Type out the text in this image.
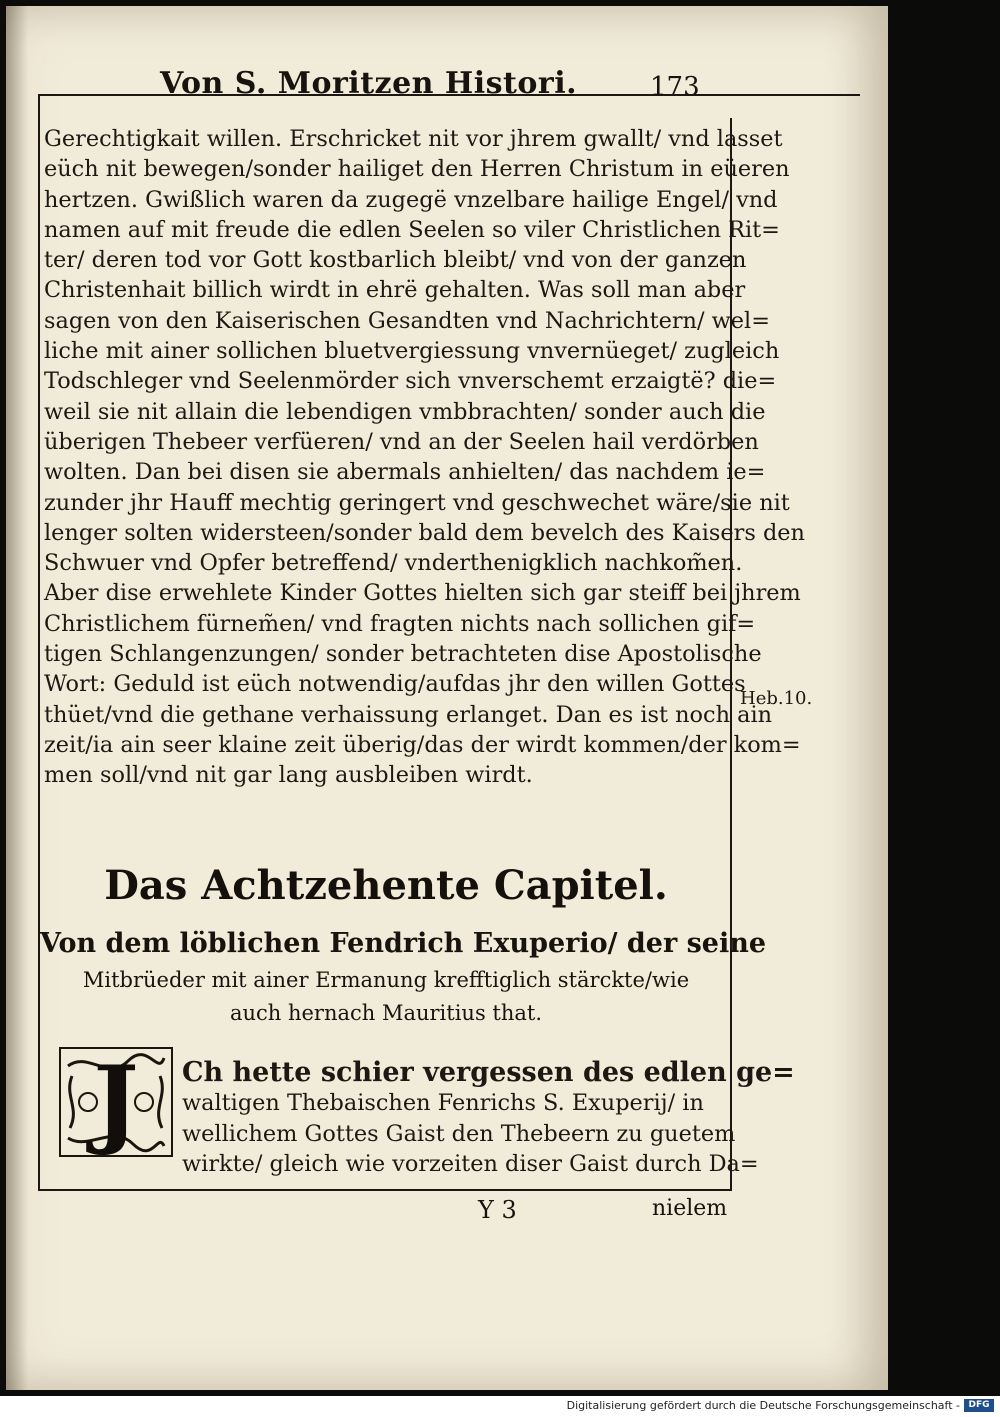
Von S. Moritzen Histori.	173
Gerechtigkait willen. Erschricket nit vor jhrem gwallt/ vnd lasset
eüch nit bewegen/sonder hailiget den Herren Christum in eüeren
hertzen. Gwißlich waren da zugegë vnzelbare hailige Engel/ vnd
namen auf mit freude die edlen Seelen so viler Christlichen Rit=
ter/ deren tod vor Gott kostbarlich bleibt/ vnd von der ganzen
Christenhait billich wirdt in ehrë gehalten. Was soll man aber
sagen von den Kaiserischen Gesandten vnd Nachrichtern/ wel=
liche mit ainer sollichen bluetvergiessung vnvernüeget/ zugleich
Todschleger vnd Seelenmörder sich vnverschemt erzaigtë? die=
weil sie nit allain die lebendigen vmbbrachten/ sonder auch die
überigen Thebeer verfüeren/ vnd an der Seelen hail verdörben
wolten. Dan bei disen sie abermals anhielten/ das nachdem ie=
zunder jhr Hauff mechtig geringert vnd geschwechet wäre/sie nit
lenger solten widersteen/sonder bald dem bevelch des Kaisers den
Schwuer vnd Opfer betreffend/ vnderthenigklich nachkom̃en.
Aber dise erwehlete Kinder Gottes hielten sich gar steiff bei jhrem
Christlichem fürnem̃en/ vnd fragten nichts nach sollichen gif=
tigen Schlangenzungen/ sonder betrachteten dise Apostolische
Wort: Geduld ist eüch notwendig/aufdas jhr den willen Gottes
thüet/vnd die gethane verhaissung erlanget. Dan es ist noch ain
zeit/ia ain seer klaine zeit überig/das der wirdt kommen/der kom=
men soll/vnd nit gar lang ausbleiben wirdt.
Heb.10.
Das Achtzehente Capitel.
Von dem löblichen Fendrich Exuperio/ der seine
Mitbrüeder mit ainer Ermanung krefftiglich stärckte/wie
auch hernach Mauritius that.
J	Ch hette schier vergessen des edlen ge=
waltigen Thebaischen Fenrichs S. Exuperij/ in
wellichem Gottes Gaist den Thebeern zu guetem
wirkte/ gleich wie vorzeiten diser Gaist durch Da=
Y 3	nielem
Digitalisierung gefördert durch die Deutsche Forschungsgemeinschaft - DFG
